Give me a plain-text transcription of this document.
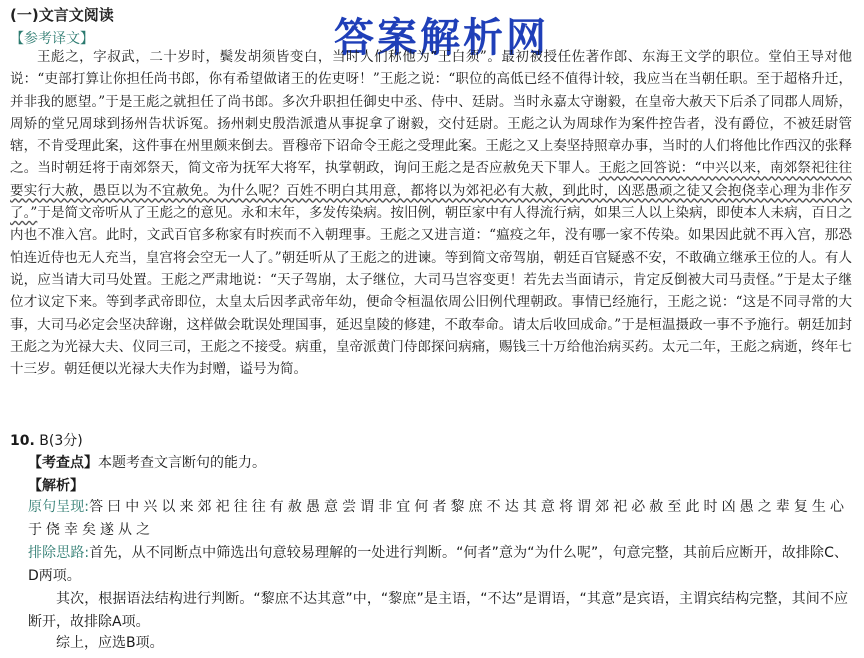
(一)文言文阅读	答案解析网
【参考译文】
王彪之，字叔武，二十岁时，鬓发胡须皆变白，当时人们称他为“王白须”。最初被授任佐著作郎、东海王文学的职位。堂伯王导对他说：“吏部打算让你担任尚书郎，你有希望做诸王的佐吏呀！”王彪之说：“职位的高低已经不值得计较，我应当在当朝任职。至于超格升迁，并非我的愿望。”于是王彪之就担任了尚书郎。多次升职担任御史中丞、侍中、廷尉。当时永嘉太守谢毅，在皇帝大赦天下后杀了同郡人周矫，周矫的堂兄周球到扬州告状诉冤。扬州刺史殷浩派遣从事捉拿了谢毅，交付廷尉。王彪之认为周球作为案件控告者，没有爵位，不被廷尉管辖，不肯受理此案，这件事在州里颇来倒去。晋穆帝下诏命令王彪之受理此案。王彪之又上奏坚持照章办事，当时的人们将他比作西汉的张释之。当时朝廷将于南郊祭天，简文帝为抚军大将军，执掌朝政，询问王彪之是否应赦免天下罪人。王彪之回答说：“中兴以来，南郊祭祀往往要实行大赦，愚臣以为不宜赦免。为什么呢？百姓不明白其用意，都将以为郊祀必有大赦，到此时，凶恶愚顽之徒又会抱侥幸心理为非作歹了。”于是简文帝听从了王彪之的意见。永和末年，多发传染病。按旧例，朝臣家中有人得流行病，如果三人以上染病，即使本人未病，百日之内也不准入宫。此时，文武百官多称家有时疾而不入朝理事。王彪之又进言道：“瘟疫之年，没有哪一家不传染。如果因此就不再入宫，那恐怕连近侍也无人充当，皇宫将会空无一人了。”朝廷听从了王彪之的进谏。等到简文帝驾崩，朝廷百官疑惑不安，不敢确立继承王位的人。有人说，应当请大司马处置。王彪之严肃地说：“天子驾崩，太子继位，大司马岂容变更！若先去当面请示，肯定反倒被大司马责怪。”于是太子继位才议定下来。等到孝武帝即位，太皇太后因孝武帝年幼，便命令桓温依周公旧例代理朝政。事情已经施行，王彪之说：“这是不同寻常的大事，大司马必定会坚决辞谢，这样做会耽误处理国事，延迟皇陵的修建，不敢奉命。请太后收回成命。”于是桓温摄政一事不予施行。朝廷加封王彪之为光禄大夫、仪同三司，王彪之不接受。病重，皇帝派黄门侍郎探问病痛，赐钱三十万给他治病买药。太元二年，王彪之病逝，终年七十三岁。朝廷便以光禄大夫作为封赠，谥号为简。
10. B(3分)
【考查点】本题考查文言断句的能力。
【解析】
原句呈现:答曰中兴以来郊祀往往有赦愚意尝谓非宜何者黎庶不达其意将谓郊祀必赦至此时凶愚之辈复生心于侥幸矣遂从之
排除思路:首先，从不同断点中筛选出句意较易理解的一处进行判断。“何者”意为“为什么呢”，句意完整，其前后应断开，故排除C、D两项。
其次，根据语法结构进行判断。“黎庶不达其意”中，“黎庶”是主语，“不达”是谓语，“其意”是宾语，主谓宾结构完整，其间不应断开，故排除A项。
综上，应选B项。
